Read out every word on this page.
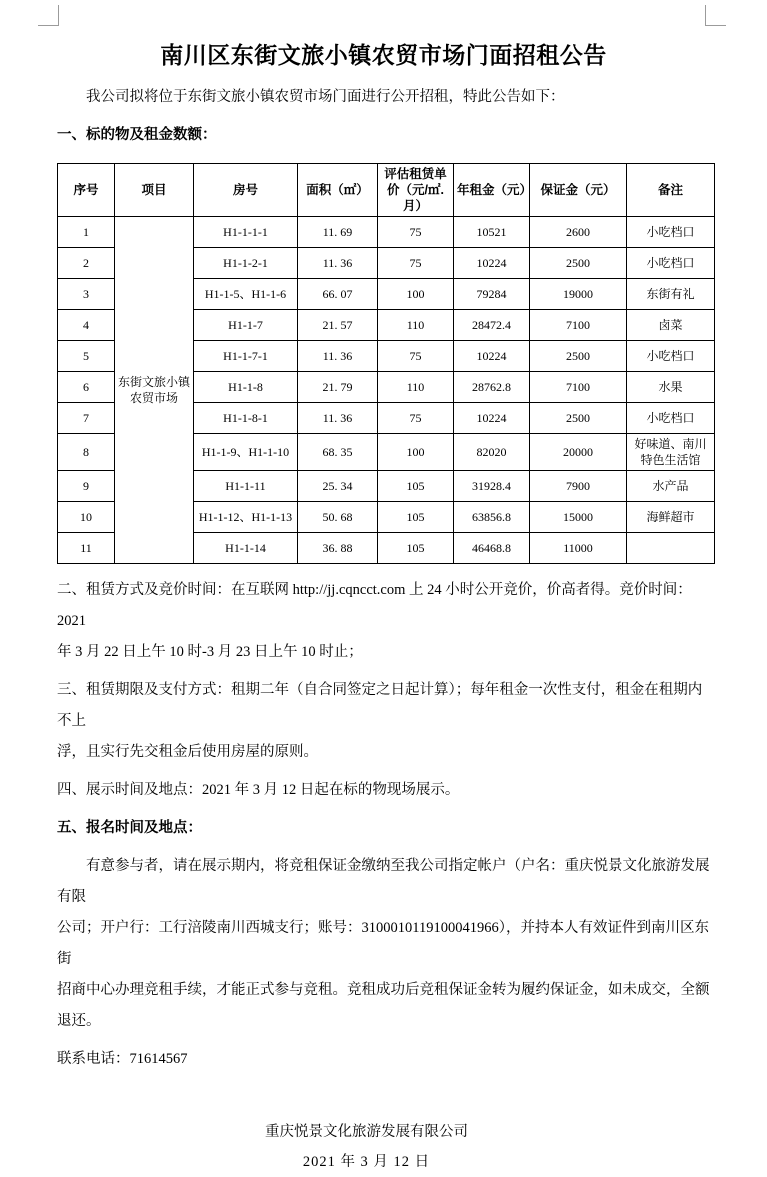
南川区东街文旅小镇农贸市场门面招租公告

我公司拟将位于东街文旅小镇农贸市场门面进行公开招租，特此公告如下：

一、标的物及租金数额：

序号	项目	房号	面积（㎡）	评估租赁单价（元/㎡.月）	年租金（元）	保证金（元）	备注
1	东街文旅小镇农贸市场	H1-1-1-1	11. 69	75	10521	2600	小吃档口
2		H1-1-2-1	11. 36	75	10224	2500	小吃档口
3		H1-1-5、H1-1-6	66. 07	100	79284	19000	东街有礼
4		H1-1-7	21. 57	110	28472.4	7100	卤菜
5		H1-1-7-1	11. 36	75	10224	2500	小吃档口
6		H1-1-8	21. 79	110	28762.8	7100	水果
7		H1-1-8-1	11. 36	75	10224	2500	小吃档口
8		H1-1-9、H1-1-10	68. 35	100	82020	20000	好味道、南川特色生活馆
9		H1-1-11	25. 34	105	31928.4	7900	水产品
10		H1-1-12、H1-1-13	50. 68	105	63856.8	15000	海鲜超市
11		H1-1-14	36. 88	105	46468.8	11000	

二、租赁方式及竞价时间：在互联网 http://jj.cqncct.com 上 24 小时公开竞价，价高者得。竞价时间：2021

年 3 月 22 日上午 10 时-3 月 23 日上午 10 时止；

三、租赁期限及支付方式：租期二年（自合同签定之日起计算）；每年租金一次性支付，租金在租期内不上

浮，且实行先交租金后使用房屋的原则。

四、展示时间及地点：2021 年 3 月 12 日起在标的物现场展示。

五、报名时间及地点：

有意参与者，请在展示期内，将竞租保证金缴纳至我公司指定帐户（户名：重庆悦景文化旅游发展有限

公司；开户行：工行涪陵南川西城支行；账号：3100010119100041966），并持本人有效证件到南川区东街

招商中心办理竞租手续，才能正式参与竞租。竞租成功后竞租保证金转为履约保证金，如未成交，全额退还。

联系电话：71614567

重庆悦景文化旅游发展有限公司
2021 年 3 月 12 日
